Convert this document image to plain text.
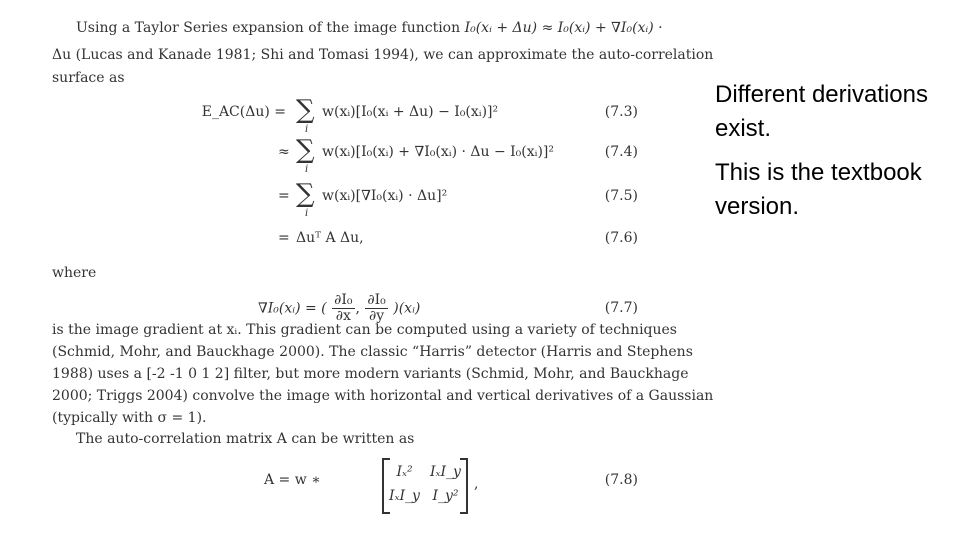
Using a Taylor Series expansion of the image function I₀(xᵢ + Δu) ≈ I₀(xᵢ) + ∇I₀(xᵢ) ·
Δu (Lucas and Kanade 1981; Shi and Tomasi 1994), we can approximate the auto-correlation
surface as
E_AC(Δu) = ∑
i
w(xᵢ)[I₀(xᵢ + Δu) − I₀(xᵢ)]²	(7.3)
≈ ∑
i
w(xᵢ)[I₀(xᵢ) + ∇I₀(xᵢ) · Δu − I₀(xᵢ)]²	(7.4)
= ∑
i
w(xᵢ)[∇I₀(xᵢ) · Δu]²	(7.5)
= Δuᵀ A Δu,	(7.6)
where
∇I₀(xᵢ) = ( $\frac{\text{∂I₀}}{\partial x}$ , $\frac{\text{∂I₀}}{\partial y}$ )(xᵢ)	(7.7)
is the image gradient at xᵢ. This gradient can be computed using a variety of techniques
(Schmid, Mohr, and Bauckhage 2000). The classic “Harris” detector (Harris and Stephens
1988) uses a [-2 -1 0 1 2] filter, but more modern variants (Schmid, Mohr, and Bauckhage
2000; Triggs 2004) convolve the image with horizontal and vertical derivatives of a Gaussian
(typically with σ = 1).
The auto-correlation matrix A can be written as
A = w ∗	Iₓ²	IₓI_y
IₓI_y I_y²
,	(7.8)

Different derivations exist.

This is the textbook version.
